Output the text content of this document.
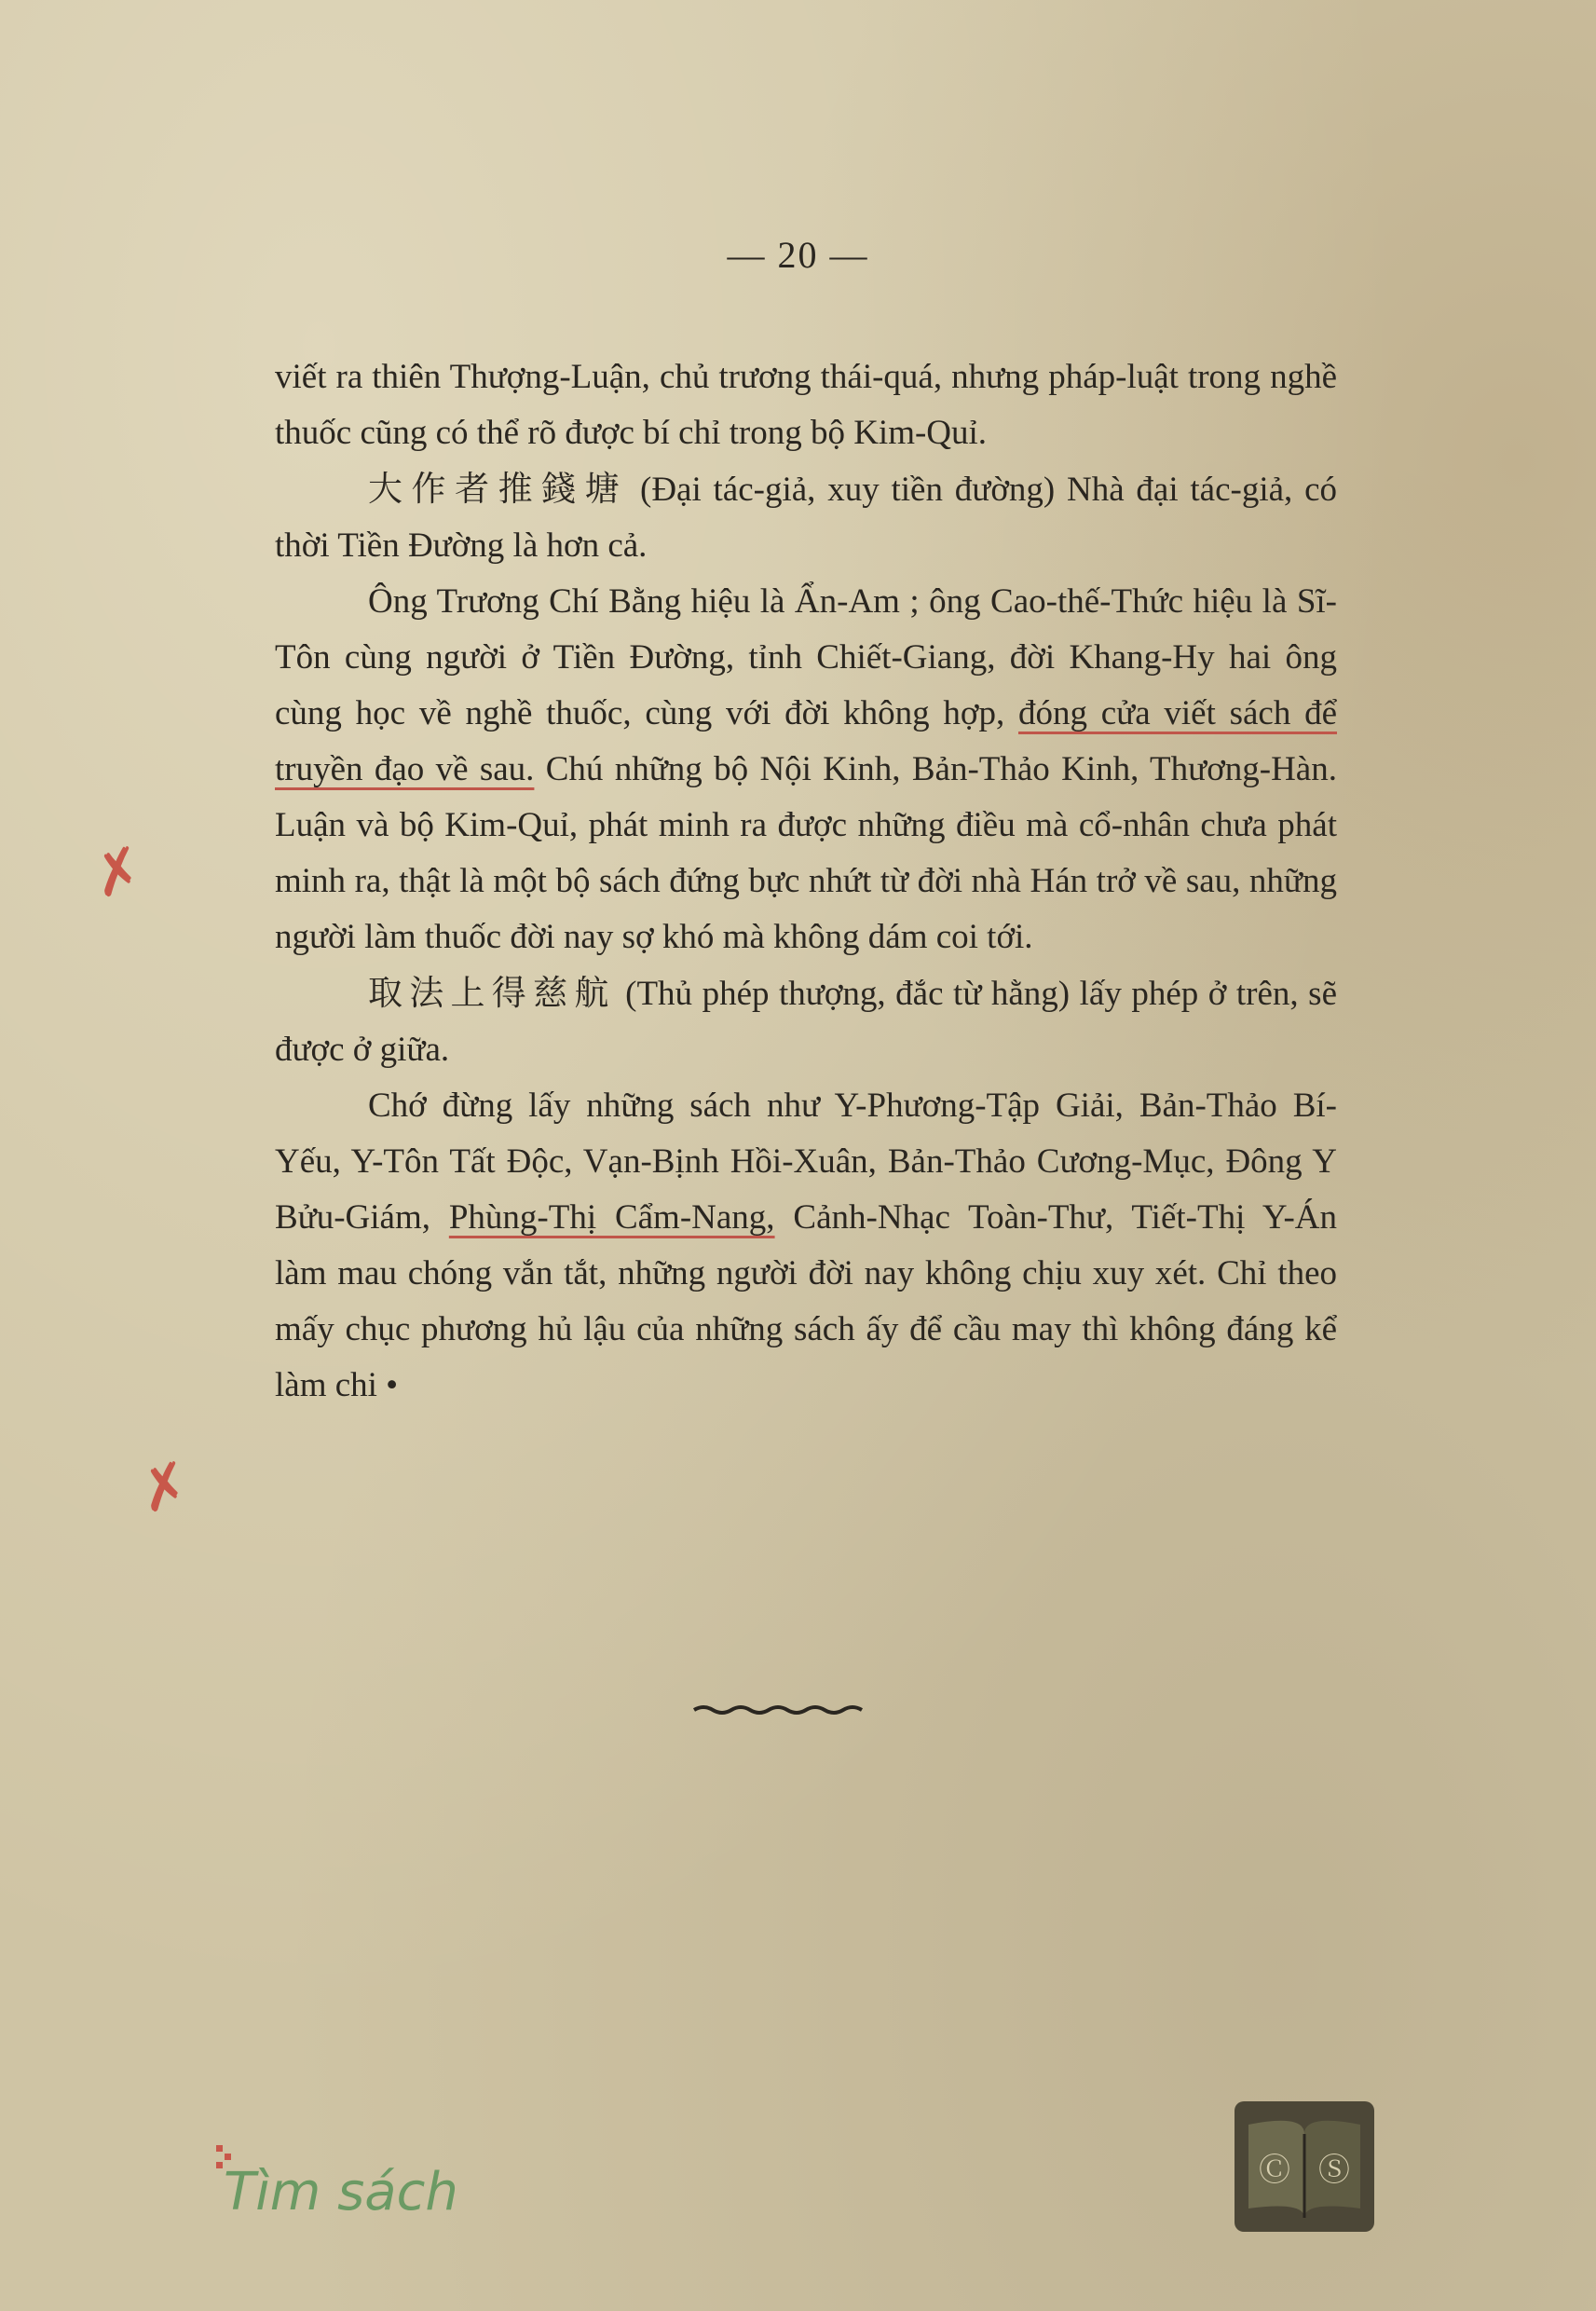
— 20 —

viết ra thiên Thượng-Luận, chủ trương thái-quá, nhưng pháp-luật trong nghề thuốc cũng có thể rõ được bí chỉ trong bộ Kim-Quỉ.

大作者推錢塘 (Đại tác-giả, xuy tiền đường) Nhà đại tác-giả, có thời Tiền Đường là hơn cả.

Ông Trương Chí Bằng hiệu là Ẩn-Am ; ông Cao-thế-Thức hiệu là Sĩ-Tôn cùng người ở Tiền Đường, tỉnh Chiết-Giang, đời Khang-Hy hai ông cùng học về nghề thuốc, cùng với đời không hợp, đóng cửa viết sách để truyền đạo về sau. Chú những bộ Nội Kinh, Bản-Thảo Kinh, Thương-Hàn. Luận và bộ Kim-Quỉ, phát minh ra được những điều mà cổ-nhân chưa phát minh ra, thật là một bộ sách đứng bực nhứt từ đời nhà Hán trở về sau, những người làm thuốc đời nay sợ khó mà không dám coi tới.

取法上得慈航 (Thủ phép thượng, đắc từ hằng) lấy phép ở trên, sẽ được ở giữa.

Chớ đừng lấy những sách như Y-Phương-Tập Giải, Bản-Thảo Bí-Yếu, Y-Tôn Tất Độc, Vạn-Bịnh Hồi-Xuân, Bản-Thảo Cương-Mục, Đông Y Bửu-Giám, Phùng-Thị Cẩm-Nang, Cảnh-Nhạc Toàn-Thư, Tiết-Thị Y-Án làm mau chóng vắn tắt, những người đời nay không chịu xuy xét. Chỉ theo mấy chục phương hủ lậu của những sách ấy để cầu may thì không đáng kể làm chi •

✗
✗
Tìm sách	Ⓒ Ⓢ
